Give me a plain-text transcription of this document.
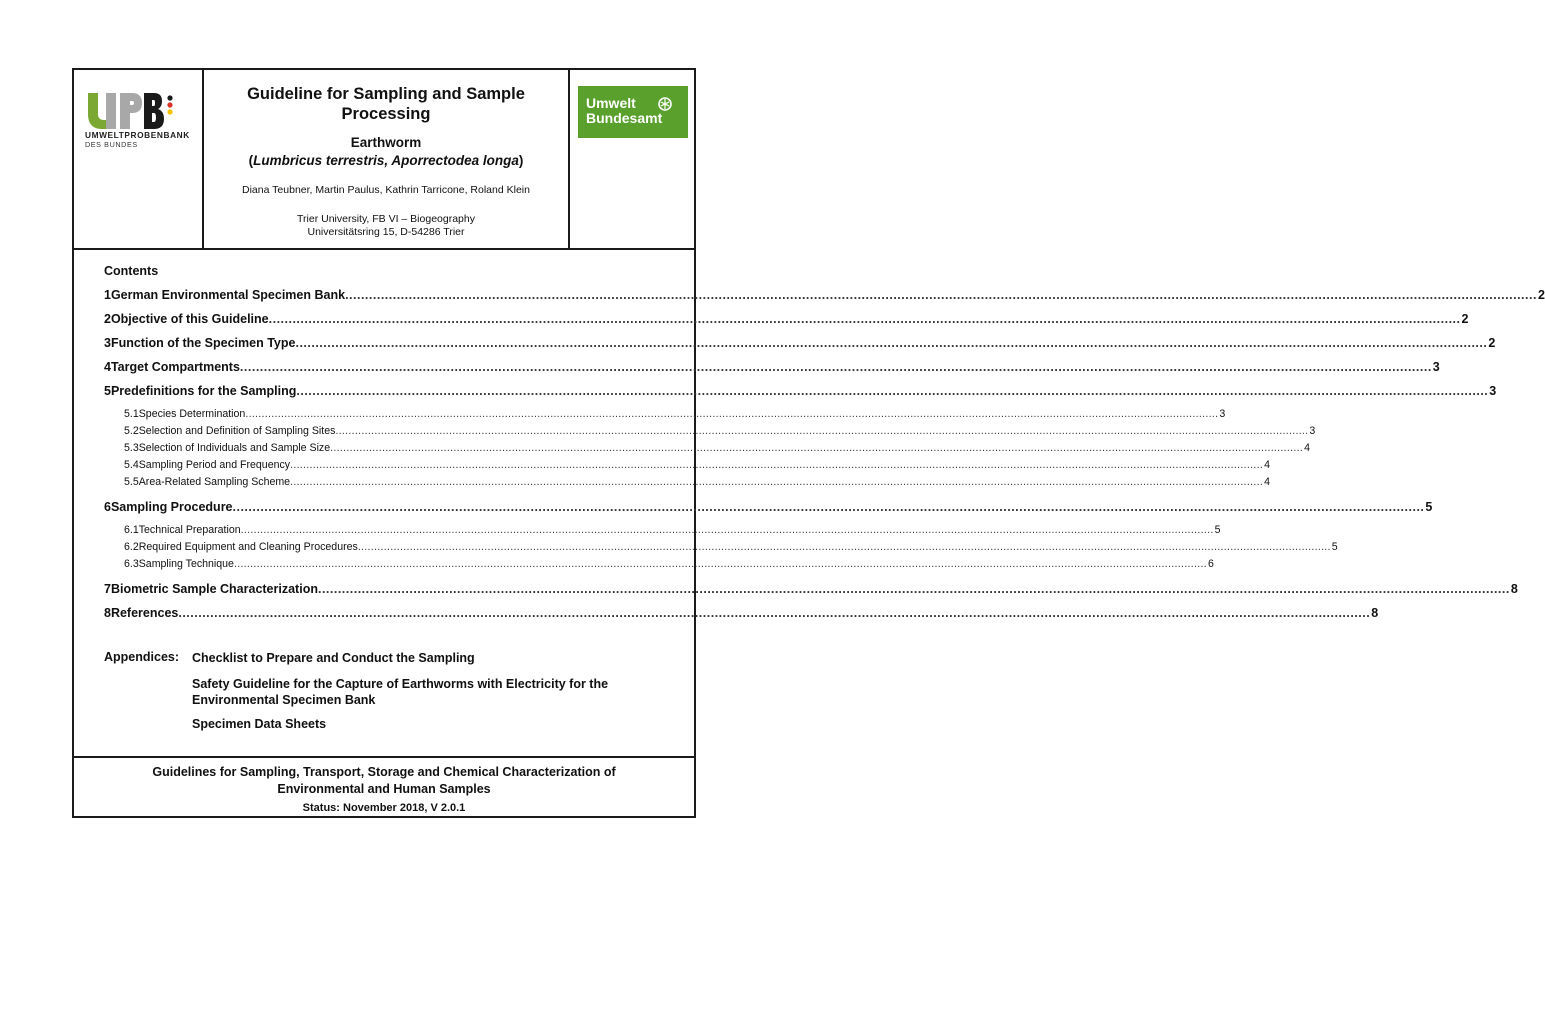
UMWELTPROBENBANK
DES BUNDES
Guideline for Sampling and Sample Processing
Earthworm
(Lumbricus terrestris, Aporrectodea longa)
Diana Teubner, Martin Paulus, Kathrin Tarricone, Roland Klein
Trier University, FB VI – Biogeography
Universitätsring 15, D-54286 Trier
Umwelt
Bundesamt
Contents
1 German Environmental Specimen Bank ............................................................................................................................................................................................................................................................................................................ 2
2 Objective of this Guideline ............................................................................................................................................................................................................................................................................................................ 2
3 Function of the Specimen Type ............................................................................................................................................................................................................................................................................................................ 2
4 Target Compartments ............................................................................................................................................................................................................................................................................................................ 3
5 Predefinitions for the Sampling ............................................................................................................................................................................................................................................................................................................ 3
5.1 Species Determination ............................................................................................................................................................................................................................................................................................................ 3
5.2 Selection and Definition of Sampling Sites ............................................................................................................................................................................................................................................................................................................ 3
5.3 Selection of Individuals and Sample Size ............................................................................................................................................................................................................................................................................................................ 4
5.4 Sampling Period and Frequency ............................................................................................................................................................................................................................................................................................................ 4
5.5 Area-Related Sampling Scheme ............................................................................................................................................................................................................................................................................................................ 4
6 Sampling Procedure ............................................................................................................................................................................................................................................................................................................ 5
6.1 Technical Preparation ............................................................................................................................................................................................................................................................................................................ 5
6.2 Required Equipment and Cleaning Procedures ............................................................................................................................................................................................................................................................................................................ 5
6.3 Sampling Technique ............................................................................................................................................................................................................................................................................................................ 6
7 Biometric Sample Characterization ............................................................................................................................................................................................................................................................................................................ 8
8 References ............................................................................................................................................................................................................................................................................................................ 8
Appendices: Checklist to Prepare and Conduct the Sampling
Safety Guideline for the Capture of Earthworms with Electricity for the Environmental Specimen Bank
Specimen Data Sheets
Guidelines for Sampling, Transport, Storage and Chemical Characterization of
Environmental and Human Samples
Status: November 2018, V 2.0.1
